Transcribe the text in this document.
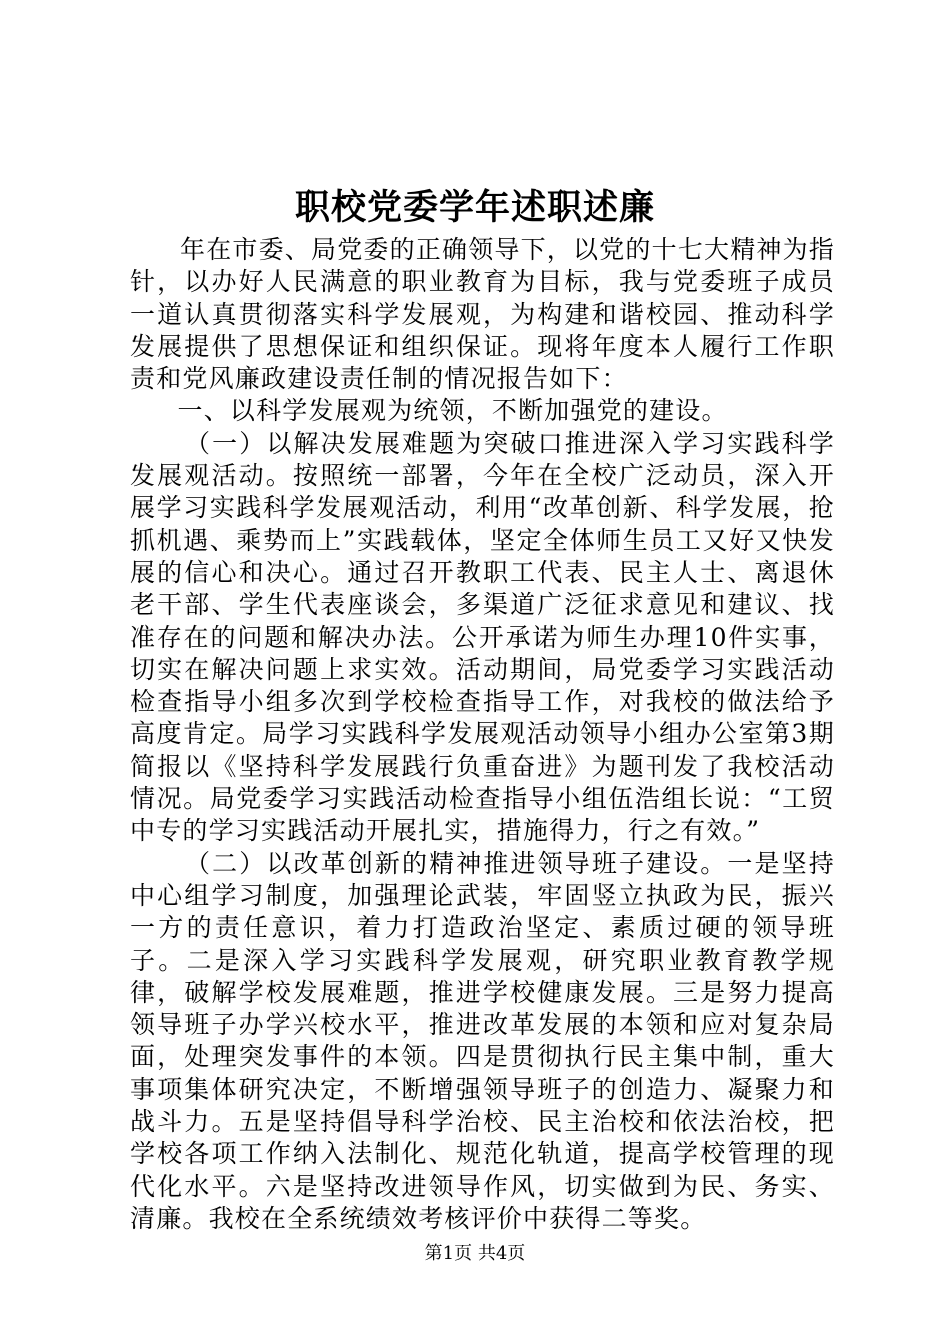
职校党委学年述职述廉

年在市委、局党委的正确领导下，以党的十七大精神为指针，以办好人民满意的职业教育为目标，我与党委班子成员一道认真贯彻落实科学发展观，为构建和谐校园、推动科学发展提供了思想保证和组织保证。现将年度本人履行工作职责和党风廉政建设责任制的情况报告如下：

一、以科学发展观为统领，不断加强党的建设。

（一）以解决发展难题为突破口推进深入学习实践科学发展观活动。按照统一部署，今年在全校广泛动员，深入开展学习实践科学发展观活动，利用“改革创新、科学发展，抢抓机遇、乘势而上”实践载体，坚定全体师生员工又好又快发展的信心和决心。通过召开教职工代表、民主人士、离退休老干部、学生代表座谈会，多渠道广泛征求意见和建议、找准存在的问题和解决办法。公开承诺为师生办理10件实事，切实在解决问题上求实效。活动期间，局党委学习实践活动检查指导小组多次到学校检查指导工作，对我校的做法给予高度肯定。局学习实践科学发展观活动领导小组办公室第3期简报以《坚持科学发展践行负重奋进》为题刊发了我校活动情况。局党委学习实践活动检查指导小组伍浩组长说：“工贸中专的学习实践活动开展扎实，措施得力，行之有效。”

（二）以改革创新的精神推进领导班子建设。一是坚持中心组学习制度，加强理论武装，牢固竖立执政为民，振兴一方的责任意识，着力打造政治坚定、素质过硬的领导班子。二是深入学习实践科学发展观，研究职业教育教学规律，破解学校发展难题，推进学校健康发展。三是努力提高领导班子办学兴校水平，推进改革发展的本领和应对复杂局面，处理突发事件的本领。四是贯彻执行民主集中制，重大事项集体研究决定，不断增强领导班子的创造力、凝聚力和战斗力。五是坚持倡导科学治校、民主治校和依法治校，把学校各项工作纳入法制化、规范化轨道，提高学校管理的现代化水平。六是坚持改进领导作风，切实做到为民、务实、清廉。我校在全系统绩效考核评价中获得二等奖。

第1页 共4页
